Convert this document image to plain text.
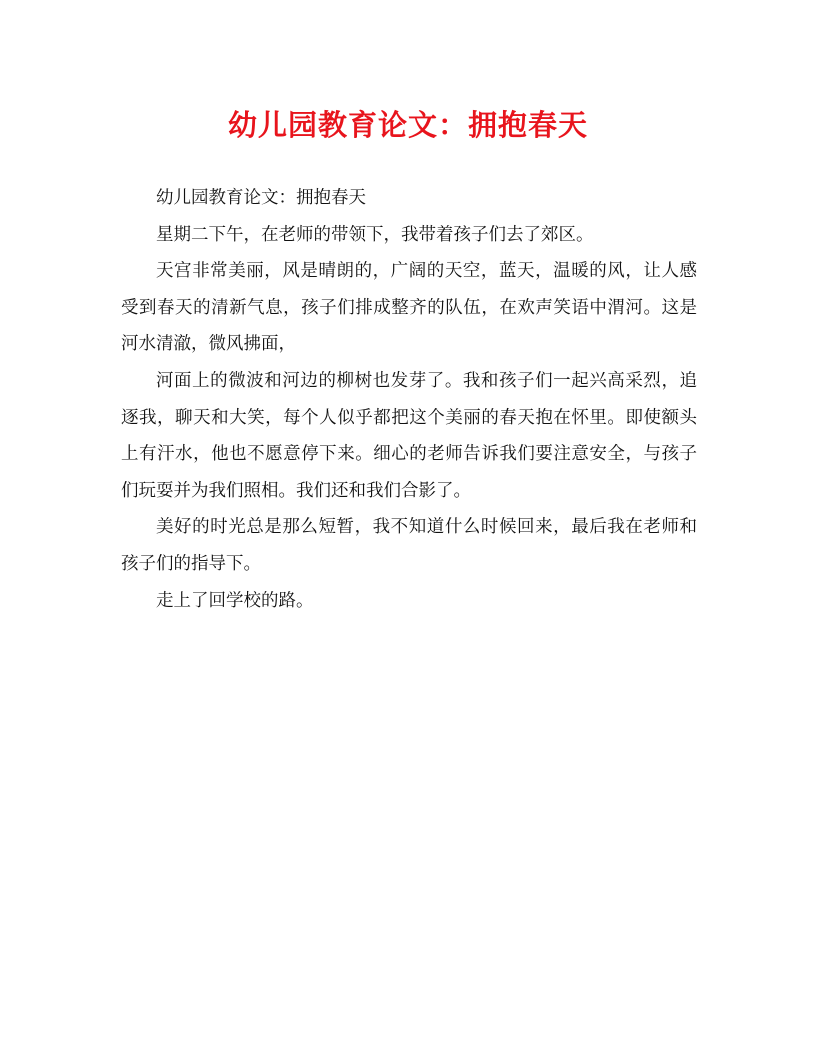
幼儿园教育论文：拥抱春天

幼儿园教育论文：拥抱春天

星期二下午，在老师的带领下，我带着孩子们去了郊区。

天宫非常美丽，风是晴朗的，广阔的天空，蓝天，温暖的风，让人感受到春天的清新气息，孩子们排成整齐的队伍，在欢声笑语中渭河。这是河水清澈，微风拂面，

河面上的微波和河边的柳树也发芽了。我和孩子们一起兴高采烈，追逐我，聊天和大笑，每个人似乎都把这个美丽的春天抱在怀里。即使额头上有汗水，他也不愿意停下来。细心的老师告诉我们要注意安全，与孩子们玩耍并为我们照相。我们还和我们合影了。

美好的时光总是那么短暂，我不知道什么时候回来，最后我在老师和孩子们的指导下。

走上了回学校的路。
